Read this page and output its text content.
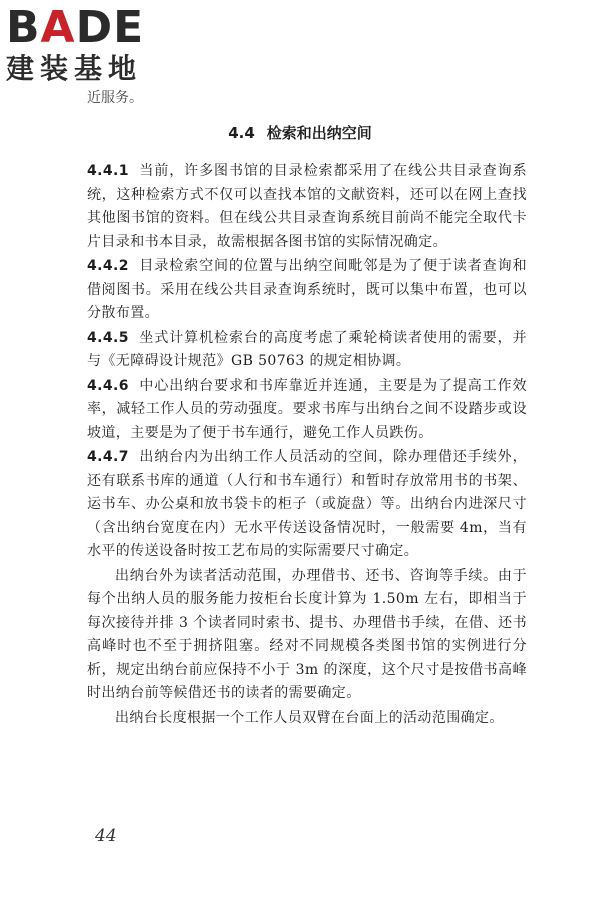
BADE
建装基地
近服务。
4.4 检索和出纳空间

4.4.1 当前，许多图书馆的目录检索都采用了在线公共目录查询系统，这种检索方式不仅可以查找本馆的文献资料，还可以在网上查找其他图书馆的资料。但在线公共目录查询系统目前尚不能完全取代卡片目录和书本目录，故需根据各图书馆的实际情况确定。

4.4.2 目录检索空间的位置与出纳空间毗邻是为了便于读者查询和借阅图书。采用在线公共目录查询系统时，既可以集中布置，也可以分散布置。

4.4.5 坐式计算机检索台的高度考虑了乘轮椅读者使用的需要，并与《无障碍设计规范》GB 50763 的规定相协调。

4.4.6 中心出纳台要求和书库靠近并连通，主要是为了提高工作效率，减轻工作人员的劳动强度。要求书库与出纳台之间不设踏步或设坡道，主要是为了便于书车通行，避免工作人员跌伤。

4.4.7 出纳台内为出纳工作人员活动的空间，除办理借还手续外，还有联系书库的通道（人行和书车通行）和暂时存放常用书的书架、运书车、办公桌和放书袋卡的柜子（或旋盘）等。出纳台内进深尺寸（含出纳台宽度在内）无水平传送设备情况时，一般需要 4m，当有水平的传送设备时按工艺布局的实际需要尺寸确定。

出纳台外为读者活动范围，办理借书、还书、咨询等手续。由于每个出纳人员的服务能力按柜台长度计算为 1.50m 左右，即相当于每次接待并排 3 个读者同时索书、提书、办理借书手续，在借、还书高峰时也不至于拥挤阻塞。经对不同规模各类图书馆的实例进行分析，规定出纳台前应保持不小于 3m 的深度，这个尺寸是按借书高峰时出纳台前等候借还书的读者的需要确定。

出纳台长度根据一个工作人员双臂在台面上的活动范围确定。

44
